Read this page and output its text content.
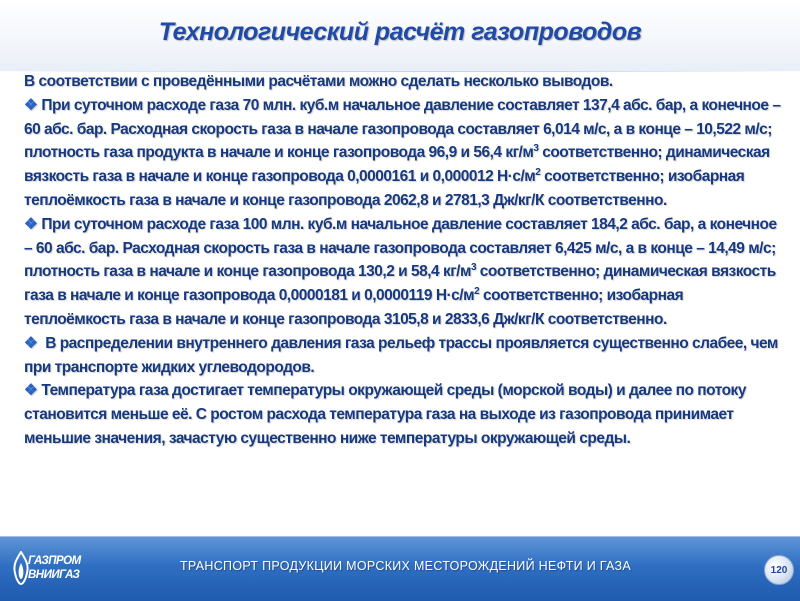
Технологический расчёт газопроводов

В соответствии с проведёнными расчётами можно сделать несколько выводов.

❖ При суточном расходе газа 70 млн. куб.м начальное давление составляет 137,4 абс. бар, а конечное – 60 абс. бар. Расходная скорость газа в начале газопровода составляет 6,014 м/с, а в конце – 10,522 м/с; плотность газа продукта в начале и конце газопровода 96,9 и 56,4 $кг/м^3$ соответственно; динамическая вязкость газа в начале и конце газопровода 0,0000161 и 0,000012 $Н\cdot с/м^2$ соответственно; изобарная теплоёмкость газа в начале и конце газопровода 2062,8 и 2781,3 Дж/кг/К соответственно.

❖ При суточном расходе газа 100 млн. куб.м начальное давление составляет 184,2 абс. бар, а конечное – 60 абс. бар. Расходная скорость газа в начале газопровода составляет 6,425 м/с, а в конце – 14,49 м/с; плотность газа в начале и конце газопровода 130,2 и 58,4 $кг/м^3$ соответственно; динамическая вязкость газа в начале и конце газопровода 0,0000181 и 0,0000119 $Н\cdot с/м^2$ соответственно; изобарная теплоёмкость газа в начале и конце газопровода 3105,8 и 2833,6 Дж/кг/К соответственно.

❖ В распределении внутреннего давления газа рельеф трассы проявляется существенно слабее, чем при транспорте жидких углеводородов.

❖ Температура газа достигает температуры окружающей среды (морской воды) и далее по потоку становится меньше её. С ростом расхода температура газа на выходе из газопровода принимает меньшие значения, зачастую существенно ниже температуры окружающей среды.

ГАЗПРОМ
ВНИИГАЗ
ТРАНСПОРТ ПРОДУКЦИИ МОРСКИХ МЕСТОРОЖДЕНИЙ НЕФТИ И ГАЗА	120
